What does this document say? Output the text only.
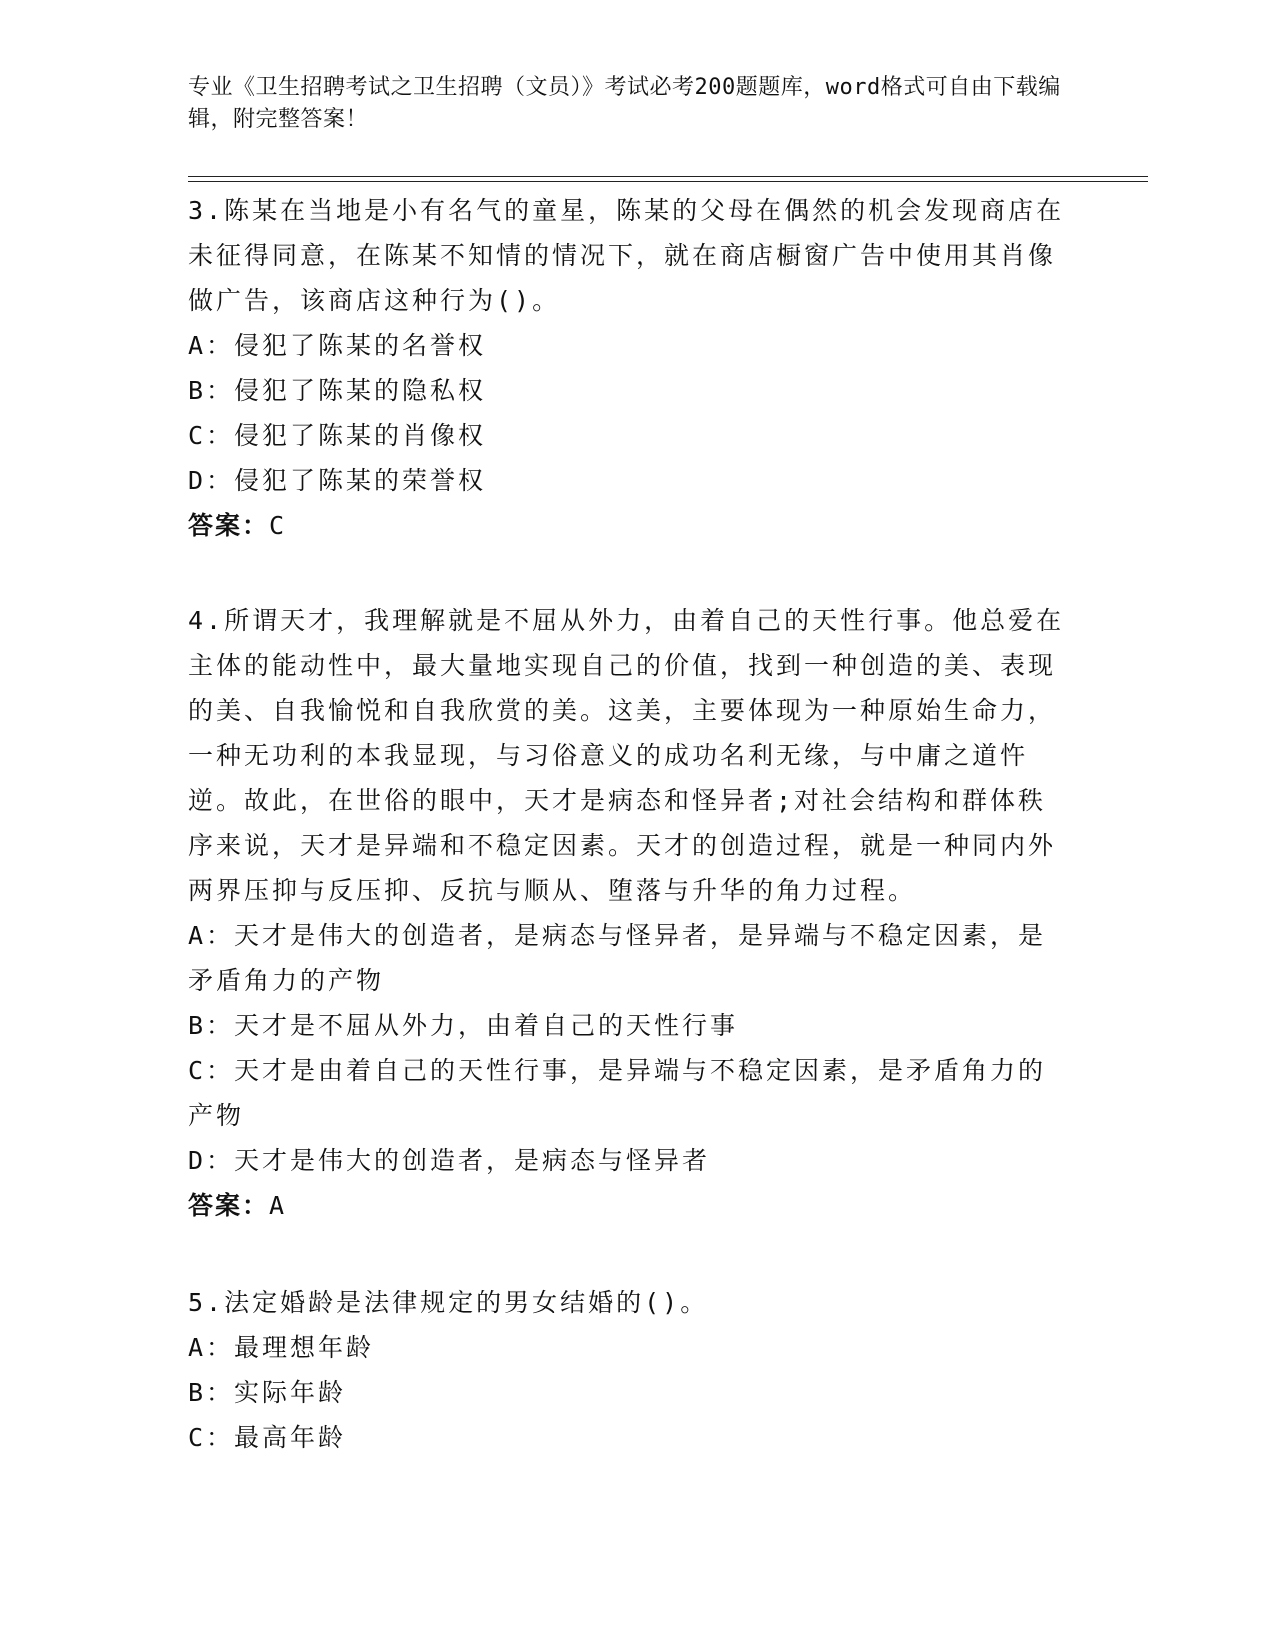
专业《卫生招聘考试之卫生招聘（文员）》考试必考200题题库，word格式可自由下载编辑，附完整答案！

3.陈某在当地是小有名气的童星，陈某的父母在偶然的机会发现商店在未征得同意，在陈某不知情的情况下，就在商店橱窗广告中使用其肖像做广告，该商店这种行为()。

A：侵犯了陈某的名誉权

B：侵犯了陈某的隐私权

C：侵犯了陈某的肖像权

D：侵犯了陈某的荣誉权

答案：C

4.所谓天才，我理解就是不屈从外力，由着自己的天性行事。他总爱在主体的能动性中，最大量地实现自己的价值，找到一种创造的美、表现的美、自我愉悦和自我欣赏的美。这美，主要体现为一种原始生命力，一种无功利的本我显现，与习俗意义的成功名利无缘，与中庸之道忤逆。故此，在世俗的眼中，天才是病态和怪异者;对社会结构和群体秩序来说，天才是异端和不稳定因素。天才的创造过程，就是一种同内外两界压抑与反压抑、反抗与顺从、堕落与升华的角力过程。

A：天才是伟大的创造者，是病态与怪异者，是异端与不稳定因素，是矛盾角力的产物

B：天才是不屈从外力，由着自己的天性行事

C：天才是由着自己的天性行事，是异端与不稳定因素，是矛盾角力的产物

D：天才是伟大的创造者，是病态与怪异者

答案：A

5.法定婚龄是法律规定的男女结婚的()。

A：最理想年龄

B：实际年龄

C：最高年龄
